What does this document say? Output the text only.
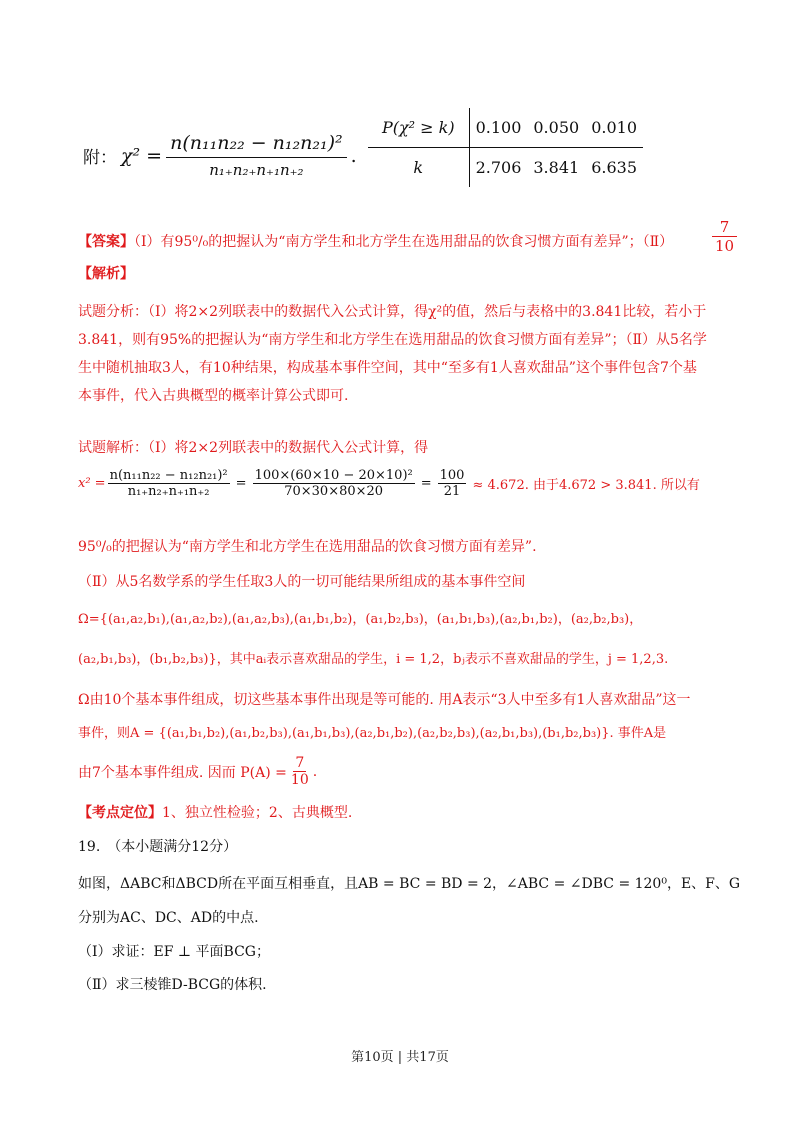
附： $\chi^2 = \frac{\text{n(n₁₁n₂₂ − n₁₂n₂₁)²}}{\text{n₁₊n₂₊n₊₁n₊₂}}$ .
P(χ² ≥ k)	0.100	0.050	0.010
k	2.706	3.841	6.635
【答案】（Ⅰ）有95⁰/₀的把握认为“南方学生和北方学生在选用甜品的饮食习惯方面有差异”；（Ⅱ）	$\frac{7}{10}$
【解析】
试题分析：（Ⅰ）将2×2列联表中的数据代入公式计算，得χ²的值，然后与表格中的3.841比较，若小于
3.841，则有95%的把握认为“南方学生和北方学生在选用甜品的饮食习惯方面有差异”；（Ⅱ）从5名学
生中随机抽取3人，有10种结果，构成基本事件空间，其中“至多有1人喜欢甜品”这个事件包含7个基
本事件，代入古典概型的概率计算公式即可.
试题解析：（Ⅰ）将2×2列联表中的数据代入公式计算，得
$x^2 = \frac{\text{n(n₁₁n₂₂ − n₁₂n₂₁)²}}{\text{n₁₊n₂₊n₊₁n₊₂}} = \frac{\text{100×(60×10 − 20×10)²}}{70\times 30\times 80\times 20} = \frac{100}{21} \approx 4.672$. 由于4.672 > 3.841. 所以有
95⁰/₀的把握认为“南方学生和北方学生在选用甜品的饮食习惯方面有差异”.
（Ⅱ）从5名数学系的学生任取3人的一切可能结果所组成的基本事件空间
Ω={(a₁,a₂,b₁),(a₁,a₂,b₂),(a₁,a₂,b₃),(a₁,b₁,b₂)，(a₁,b₂,b₃)，(a₁,b₁,b₃),(a₂,b₁,b₂)，(a₂,b₂,b₃)，
(a₂,b₁,b₃)，(b₁,b₂,b₃)}，其中aᵢ表示喜欢甜品的学生，i = 1,2，bⱼ表示不喜欢甜品的学生，j = 1,2,3.
Ω由10个基本事件组成，切这些基本事件出现是等可能的. 用A表示“3人中至多有1人喜欢甜品”这一
事件，则A = {(a₁,b₁,b₂),(a₁,b₂,b₃),(a₁,b₁,b₃),(a₂,b₁,b₂),(a₂,b₂,b₃),(a₂,b₁,b₃),(b₁,b₂,b₃)}. 事件A是
由7个基本事件组成. 因而 $P(A) = \frac{7}{10}$ .
【考点定位】1、独立性检验；2、古典概型.
19.　（本小题满分12分）
如图，ΔABC和ΔBCD所在平面互相垂直，且AB = BC = BD = 2，∠ABC = ∠DBC = 120⁰，E、F、G
分别为AC、DC、AD的中点.
（Ⅰ）求证：EF ⊥ 平面BCG；
（Ⅱ）求三棱锥D-BCG的体积.
第10页 | 共17页
